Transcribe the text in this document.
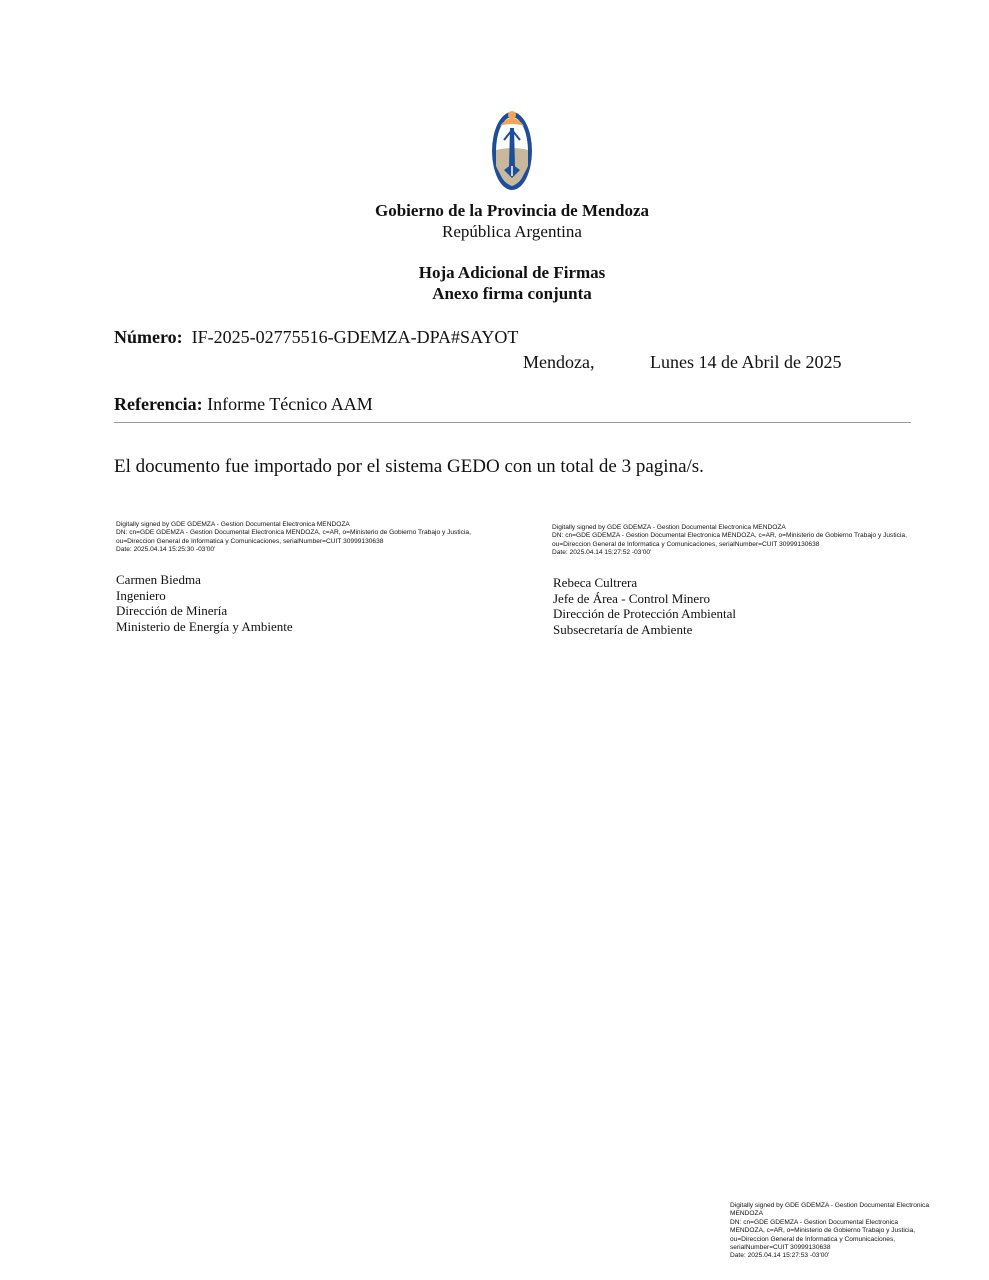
Gobierno de la Provincia de Mendoza
República Argentina
Hoja Adicional de Firmas
Anexo firma conjunta
Número: IF-2025-02775516-GDEMZA-DPA#SAYOT
Mendoza,	Lunes 14 de Abril de 2025
Referencia: Informe Técnico AAM
El documento fue importado por el sistema GEDO con un total de 3 pagina/s.
Digitally signed by GDE GDEMZA - Gestion Documental Electronica MENDOZA
DN: cn=GDE GDEMZA - Gestion Documental Electronica MENDOZA, c=AR, o=Ministerio de Gobierno Trabajo y Justicia,
ou=Direccion General de Informatica y Comunicaciones, serialNumber=CUIT 30999130638
Date: 2025.04.14 15:25:30 -03'00'
Carmen Biedma
Ingeniero
Dirección de Minería
Ministerio de Energía y Ambiente
Digitally signed by GDE GDEMZA - Gestion Documental Electronica MENDOZA
DN: cn=GDE GDEMZA - Gestion Documental Electronica MENDOZA, c=AR, o=Ministerio de Gobierno Trabajo y Justicia,
ou=Direccion General de Informatica y Comunicaciones, serialNumber=CUIT 30999130638
Date: 2025.04.14 15:27:52 -03'00'
Rebeca Cultrera
Jefe de Área - Control Minero
Dirección de Protección Ambiental
Subsecretaría de Ambiente
Digitally signed by GDE GDEMZA - Gestion Documental Electronica
MENDOZA
DN: cn=GDE GDEMZA - Gestion Documental Electronica
MENDOZA, c=AR, o=Ministerio de Gobierno Trabajo y Justicia,
ou=Direccion General de Informatica y Comunicaciones,
serialNumber=CUIT 30999130638
Date: 2025.04.14 15:27:53 -03'00'
